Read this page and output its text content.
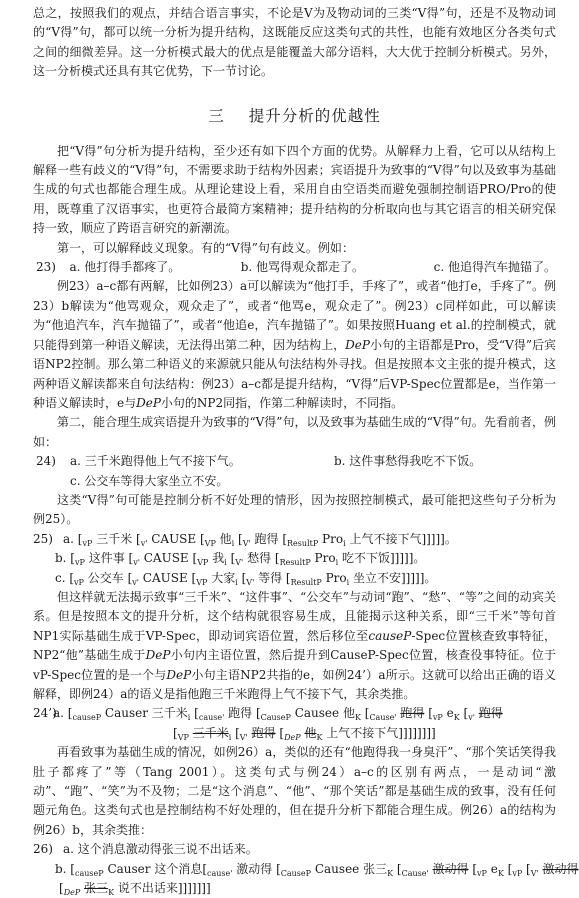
总之，按照我们的观点，并结合语言事实，不论是V为及物动词的三类“V得”句，还是不及物动词的“V得”句，都可以统一分析为提升结构，这既能反应这类句式的共性，也能有效地区分各类句式之间的细微差异。这一分析模式最大的优点是能覆盖大部分语料，大大优于控制分析模式。另外，这一分析模式还具有其它优势，下一节讨论。

三 提升分析的优越性

把“V得”句分析为提升结构，至少还有如下四个方面的优势。从解释力上看，它可以从结构上解释一些有歧义的“V得”句，不需要求助于结构外因素；宾语提升为致事的“V得”句以及致事为基础生成的句式也都能合理生成。从理论建设上看，采用自由空语类而避免强制控制语PRO/Pro的使用，既尊重了汉语事实，也更符合最简方案精神；提升结构的分析取向也与其它语言的相关研究保持一致，顺应了跨语言研究的新潮流。

第一，可以解释歧义现象。有的“V得”句有歧义。例如：

23)	a. 他打得手都疼了。	b. 他骂得观众都走了。	c. 他追得汽车抛锚了。

例23）a–c都有两解，比如例23）a可以解读为“他打手，手疼了”，或者“他打e，手疼了”。例23）b解读为“他骂观众，观众走了”，或者“他骂e，观众走了”。例23）c同样如此，可以解读为“他追汽车，汽车抛锚了”，或者“他追e，汽车抛锚了”。如果按照Huang et al.的控制模式，就只能得到第一种语义解读，无法得出第二种，因为结构上，DeP小句的主语都是Pro，受“V得”后宾语NP2控制。那么第二种语义的来源就只能从句法结构外寻找。但是按照本文主张的提升模式，这两种语义解读都来自句法结构：例23）a–c都是提升结构，“V得”后VP-Spec位置都是e，当作第一种语义解读时，e与DeP小句的NP2同指，作第二种解读时，不同指。

第二，能合理生成宾语提升为致事的“V得”句，以及致事为基础生成的“V得”句。先看前者，例如：

24)	a. 三千米跑得他上气不接下气。	b. 这件事愁得我吃不下饭。
c. 公交车等得大家坐立不安。

这类“V得”句可能是控制分析不好处理的情形，因为按照控制模式，最可能把这些句子分析为例25）。

25) a. [$_{vP}$ 三千米 [$_{v'}$ CAUSE [$_{VP}$ 他$_i$ [$_{V'}$ 跑得 [$_{ResultP}$ Pro$_i$ 上气不接下气]]]]]。
b. [$_{vP}$ 这件事 [$_{v'}$ CAUSE [$_{VP}$ 我$_i$ [$_{V'}$ 愁得 [$_{ResultP}$ Pro$_i$ 吃不下饭]]]]]。
c. [$_{vP}$ 公交车 [$_{v'}$ CAUSE [$_{VP}$ 大家$_i$ [$_{V'}$ 等得 [$_{ResultP}$ Pro$_i$ 坐立不安]]]]]。

但这样就无法揭示致事“三千米”、“这件事”、“公交车”与动词“跑”、“愁”、“等”之间的动宾关系。但是按照本文的提升分析，这个结构就很容易生成，且能揭示这种关系，即“三千米”等句首NP1实际基础生成于VP-Spec，即动词宾语位置，然后移位至causeP-Spec位置核查致事特征，NP2“他”基础生成于DeP小句内主语位置，然后提升到CauseP-Spec位置，核查役事特征。位于vP-Spec位置的是一个与DeP小句主语NP2共指的e，如例24’）a所示。这就可以给出正确的语义解释，即例24）a的语义是指他跑三千米跑得上气不接下气，其余类推。

24’)a. [$_{causeP}$ Causer 三千米$_i$ [$_{cause'}$ 跑得 [$_{CauseP}$ Causee 他$_K$ [$_{Cause'}$ 跑得 [$_{vP}$ $e_K$ [$_{v'}$ 跑得
[$_{VP}$ 三千米$_i$ [$_{V'}$ 跑得 [$_{DeP}$ 他$_K$ 上气不接下气]]]]]]]]

再看致事为基础生成的情况，如例26）a，类似的还有“他跑得我一身臭汗”、“那个笑话笑得我肚子都疼了”等（Tang 2001）。这类句式与例24）a–c的区别有两点，一是动词“激动”、“跑”、“笑”为不及物；二是“这个消息”、“他”、“那个笑话”都是基础生成的致事，没有任何题元角色。这类句式也是控制结构不好处理的，但在提升分析下都能合理生成。例26）a的结构为例26）b，其余类推：

26) a. 这个消息激动得张三说不出话来。
b. [$_{causeP}$ Causer 这个消息[$_{cause'}$ 激动得 [$_{CauseP}$ Causee 张三$_K$ [$_{Cause'}$ 激动得 [$_{vP}$ $e_K$ [$_{vP}$ [$_{V'}$ 激动得
[$_{DeP}$ 张三$_K$ 说不出话来]]]]]]]
